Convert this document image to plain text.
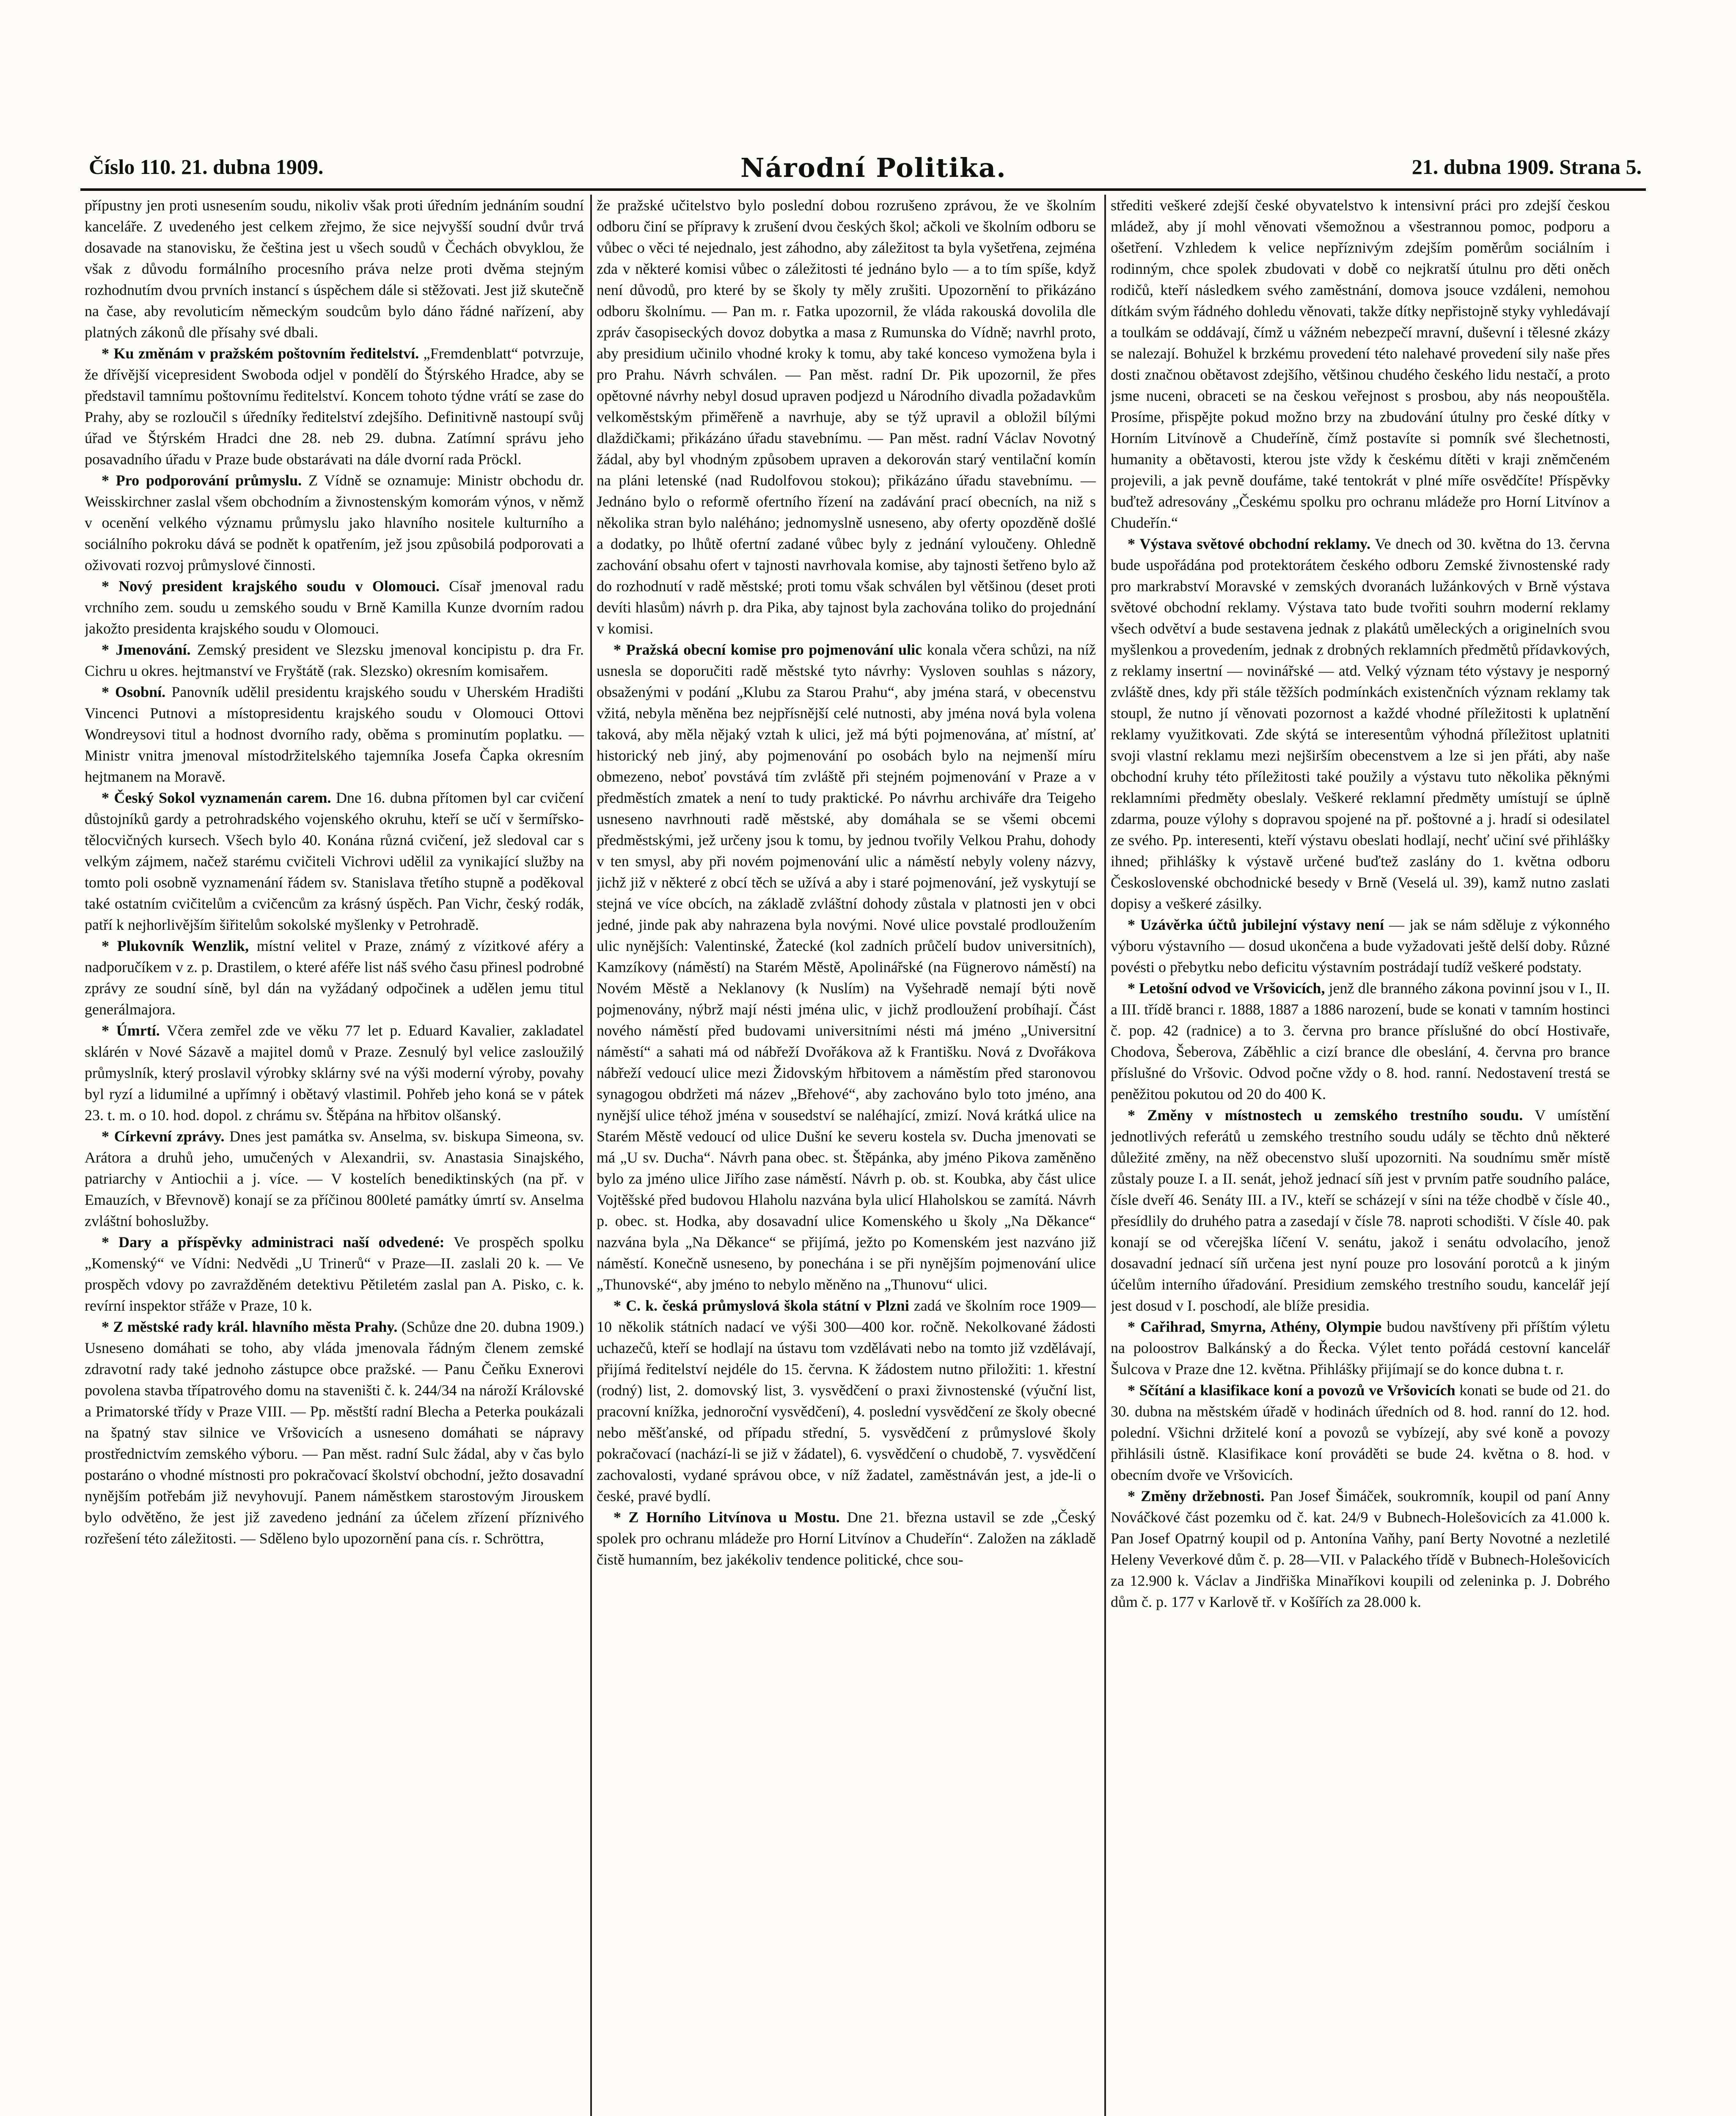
Číslo 110. 21. dubna 1909.	Národní Politika.	21. dubna 1909. Strana 5.

přípustny jen proti usnesením soudu, nikoliv však proti úředním jednáním soudní kanceláře. Z uvedeného jest celkem zřejmo, že sice nejvyšší soudní dvůr trvá dosavade na stanovisku, že čeština jest u všech soudů v Čechách obvyklou, že však z důvodu formálního procesního práva nelze proti dvěma stejným rozhodnutím dvou prvních instancí s úspěchem dále si stěžovati. Jest již skutečně na čase, aby revoluticím německým soudcům bylo dáno řádné nařízení, aby platných zákonů dle přísahy své dbali.

* Ku změnám v pražském poštovním ředitelství. „Fremdenblatt“ potvrzuje, že dřívější vicepresident Swoboda odjel v pondělí do Štýrského Hradce, aby se představil tamnímu poštovnímu ředitelství. Koncem tohoto týdne vrátí se zase do Prahy, aby se rozloučil s úředníky ředitelství zdejšího. Definitivně nastoupí svůj úřad ve Štýrském Hradci dne 28. neb 29. dubna. Zatímní správu jeho posavadního úřadu v Praze bude obstarávati na dále dvorní rada Pröckl.

* Pro podporování průmyslu. Z Vídně se oznamuje: Ministr obchodu dr. Weisskirchner zaslal všem obchodním a živnostenským komorám výnos, v němž v ocenění velkého významu průmyslu jako hlavního nositele kulturního a sociálního pokroku dává se podnět k opatřením, jež jsou způsobilá podporovati a oživovati rozvoj průmyslové činnosti.

* Nový president krajského soudu v Olomouci. Císař jmenoval radu vrchního zem. soudu u zemského soudu v Brně Kamilla Kunze dvorním radou jakožto presidenta krajského soudu v Olomouci.

* Jmenování. Zemský president ve Slezsku jmenoval koncipistu p. dra Fr. Cichru u okres. hejtmanství ve Fryštátě (rak. Slezsko) okresním komisařem.

* Osobní. Panovník udělil presidentu krajského soudu v Uherském Hradišti Vincenci Putnovi a místopresidentu krajského soudu v Olomouci Ottovi Wondreysovi titul a hodnost dvorního rady, oběma s prominutím poplatku. — Ministr vnitra jmenoval místodržitelského tajemníka Josefa Čapka okresním hejtmanem na Moravě.

* Český Sokol vyznamenán carem. Dne 16. dubna přítomen byl car cvičení důstojníků gardy a petrohradského vojenského okruhu, kteří se učí v šermířsko-tělocvičných kursech. Všech bylo 40. Konána různá cvičení, jež sledoval car s velkým zájmem, načež starému cvičiteli Vichrovi udělil za vynikající služby na tomto poli osobně vyznamenání řádem sv. Stanislava třetího stupně a poděkoval také ostatním cvičitelům a cvičencům za krásný úspěch. Pan Vichr, český rodák, patří k nejhorlivějším šiřitelům sokolské myšlenky v Petrohradě.

* Plukovník Wenzlik, místní velitel v Praze, známý z vízitkové aféry a nadporučíkem v z. p. Drastilem, o které aféře list náš svého času přinesl podrobné zprávy ze soudní síně, byl dán na vyžádaný odpočinek a udělen jemu titul generálmajora.

* Úmrtí. Včera zemřel zde ve věku 77 let p. Eduard Kavalier, zakladatel sklárén v Nové Sázavě a majitel domů v Praze. Zesnulý byl velice zasloužilý průmyslník, který proslavil výrobky sklárny své na výši moderní výroby, povahy byl ryzí a lidumilné a upřímný i obětavý vlastimil. Pohřeb jeho koná se v pátek 23. t. m. o 10. hod. dopol. z chrámu sv. Štěpána na hřbitov olšanský.

* Církevní zprávy. Dnes jest památka sv. Anselma, sv. biskupa Simeona, sv. Arátora a druhů jeho, umučených v Alexandrii, sv. Anastasia Sinajského, patriarchy v Antiochii a j. více. — V kostelích benediktinských (na př. v Emauzích, v Břevnově) konají se za příčinou 800leté památky úmrtí sv. Anselma zvláštní bohoslužby.

* Dary a příspěvky administraci naší odvedené: Ve prospěch spolku „Komenský“ ve Vídni: Nedvědi „U Trinerů“ v Praze—II. zaslali 20 k. — Ve prospěch vdovy po zavražděném detektivu Pětiletém zaslal pan A. Pisko, c. k. revírní inspektor střáže v Praze, 10 k.

* Z městské rady král. hlavního města Prahy. (Schůze dne 20. dubna 1909.) Usneseno domáhati se toho, aby vláda jmenovala řádným členem zemské zdravotní rady také jednoho zástupce obce pražské. — Panu Čeňku Exnerovi povolena stavba třípatrového domu na staveništi č. k. 244/34 na nároží Královské a Primatorské třídy v Praze VIII. — Pp. městští radní Blecha a Peterka poukázali na špatný stav silnice ve Vršovicích a usneseno domáhati se nápravy prostřednictvím zemského výboru. — Pan měst. radní Sulc žádal, aby v čas bylo postaráno o vhodné místnosti pro pokračovací školství obchodní, ježto dosavadní nynějším potřebám již nevyhovují. Panem náměstkem starostovým Jirouskem bylo odvětěno, že jest již zavedeno jednání za účelem zřízení příznivého rozřešení této záležitosti. — Sděleno bylo upozornění pana cís. r. Schröttra,

že pražské učitelstvo bylo poslední dobou rozrušeno zprávou, že ve školním odboru činí se přípravy k zrušení dvou českých škol; ačkoli ve školním odboru se vůbec o věci té nejednalo, jest záhodno, aby záležitost ta byla vyšetřena, zejména zda v některé komisi vůbec o záležitosti té jednáno bylo — a to tím spíše, když není důvodů, pro které by se školy ty měly zrušiti. Upozornění to přikázáno odboru školnímu. — Pan m. r. Fatka upozornil, že vláda rakouská dovolila dle zpráv časopiseckých dovoz dobytka a masa z Rumunska do Vídně; navrhl proto, aby presidium učinilo vhodné kroky k tomu, aby také konceso vymožena byla i pro Prahu. Návrh schválen. — Pan měst. radní Dr. Pik upozornil, že přes opětovné návrhy nebyl dosud upraven podjezd u Národního divadla požadavkům velkoměstským přiměřeně a navrhuje, aby se týž upravil a obložil bílými dlaždičkami; přikázáno úřadu stavebnímu. — Pan měst. radní Václav Novotný žádal, aby byl vhodným způsobem upraven a dekorován starý ventilační komín na pláni letenské (nad Rudolfovou stokou); přikázáno úřadu stavebnímu. — Jednáno bylo o reformě ofertního řízení na zadávání prací obecních, na niž s několika stran bylo naléháno; jednomyslně usneseno, aby oferty opozděně došlé a dodatky, po lhůtě ofertní zadané vůbec byly z jednání vyloučeny. Ohledně zachování obsahu ofert v tajnosti navrhovala komise, aby tajnosti šetřeno bylo až do rozhodnutí v radě městské; proti tomu však schválen byl většinou (deset proti devíti hlasům) návrh p. dra Pika, aby tajnost byla zachována toliko do projednání v komisi.

* Pražská obecní komise pro pojmenování ulic konala včera schůzi, na níž usnesla se doporučiti radě městské tyto návrhy: Vysloven souhlas s názory, obsaženými v podání „Klubu za Starou Prahu“, aby jména stará, v obecenstvu vžitá, nebyla měněna bez nejpřísnější celé nutnosti, aby jména nová byla volena taková, aby měla nějaký vztah k ulici, jež má býti pojmenována, ať místní, ať historický neb jiný, aby pojmenování po osobách bylo na nejmenší míru obmezeno, neboť povstává tím zvláště při stejném pojmenování v Praze a v předměstích zmatek a není to tudy praktické. Po návrhu archiváře dra Teigeho usneseno navrhnouti radě městské, aby domáhala se se všemi obcemi předměstskými, jež určeny jsou k tomu, by jednou tvořily Velkou Prahu, dohody v ten smysl, aby při novém pojmenování ulic a náměstí nebyly voleny názvy, jichž již v některé z obcí těch se užívá a aby i staré pojmenování, jež vyskytují se stejná ve více obcích, na základě zvláštní dohody zůstala v platnosti jen v obci jedné, jinde pak aby nahrazena byla novými. Nové ulice povstalé prodloužením ulic nynějších: Valentinské, Žatecké (kol zadních průčelí budov universitních), Kamzíkovy (náměstí) na Starém Městě, Apolinářské (na Fügnerovo náměstí) na Novém Městě a Neklanovy (k Nuslím) na Vyšehradě nemají býti nově pojmenovány, nýbrž mají nésti jména ulic, v jichž prodloužení probíhají. Část nového náměstí před budovami universitními nésti má jméno „Universitní náměstí“ a sahati má od nábřeží Dvořákova až k Františku. Nová z Dvořákova nábřeží vedoucí ulice mezi Židovským hřbitovem a náměstím před staronovou synagogou obdržeti má název „Břehové“, aby zachováno bylo toto jméno, ana nynější ulice téhož jména v sousedství se naléhající, zmizí. Nová krátká ulice na Starém Městě vedoucí od ulice Dušní ke severu kostela sv. Ducha jmenovati se má „U sv. Ducha“. Návrh pana obec. st. Štěpánka, aby jméno Pikova zaměněno bylo za jméno ulice Jiřího zase náměstí. Návrh p. ob. st. Koubka, aby část ulice Vojtěšské před budovou Hlaholu nazvána byla ulicí Hlaholskou se zamítá. Návrh p. obec. st. Hodka, aby dosavadní ulice Komenského u školy „Na Děkance“ nazvána byla „Na Děkance“ se přijímá, ježto po Komenském jest nazváno již náměstí. Konečně usneseno, by ponechána i se při nynějším pojmenování ulice „Thunovské“, aby jméno to nebylo měněno na „Thunovu“ ulici.

* C. k. česká průmyslová škola státní v Plzni zadá ve školním roce 1909—10 několik státních nadací ve výši 300—400 kor. ročně. Nekolkované žádosti uchazečů, kteří se hodlají na ústavu tom vzdělávati nebo na tomto již vzdělávají, přijímá ředitelství nejdéle do 15. června. K žádostem nutno přiložiti: 1. křestní (rodný) list, 2. domovský list, 3. vysvědčení o praxi živnostenské (výuční list, pracovní knížka, jednoroční vysvědčení), 4. poslední vysvědčení ze školy obecné nebo měšťanské, od případu střední, 5. vysvědčení z průmyslové školy pokračovací (nachází-li se již v žádatel), 6. vysvědčení o chudobě, 7. vysvědčení zachovalosti, vydané správou obce, v níž žadatel, zaměstnáván jest, a jde-li o české, pravé bydlí.

* Z Horního Litvínova u Mostu. Dne 21. března ustavil se zde „Český spolek pro ochranu mládeže pro Horní Litvínov a Chudeřín“. Založen na základě čistě humanním, bez jakékoliv tendence politické, chce sou-

střediti veškeré zdejší české obyvatelstvo k intensivní práci pro zdejší českou mládež, aby jí mohl věnovati všemožnou a všestrannou pomoc, podporu a ošetření. Vzhledem k velice nepříznivým zdejším poměrům sociálním i rodinným, chce spolek zbudovati v době co nejkratší útulnu pro děti oněch rodičů, kteří následkem svého zaměstnání, domova jsouce vzdáleni, nemohou dítkám svým řádného dohledu věnovati, takže dítky nepřistojně styky vyhledávají a toulkám se oddávají, čímž u vážném nebezpečí mravní, duševní i tělesné zkázy se nalezají. Bohužel k brzkému provedení této nalehavé provedení sily naše přes dosti značnou obětavost zdejšího, většinou chudého českého lidu nestačí, a proto jsme nuceni, obraceti se na českou veřejnost s prosbou, aby nás neopouštěla. Prosíme, přispějte pokud možno brzy na zbudování útulny pro české dítky v Horním Litvínově a Chudeříně, čímž postavíte si pomník své šlechetnosti, humanity a obětavosti, kterou jste vždy k českému dítěti v kraji zněmčeném projevili, a jak pevně doufáme, také tentokrát v plné míře osvědčíte! Příspěvky buďtež adresovány „Českému spolku pro ochranu mládeže pro Horní Litvínov a Chudeřín.“

* Výstava světové obchodní reklamy. Ve dnech od 30. května do 13. června bude uspořádána pod protektorátem českého odboru Zemské živnostenské rady pro markrabství Moravské v zemských dvoranách lužánkových v Brně výstava světové obchodní reklamy. Výstava tato bude tvořiti souhrn moderní reklamy všech odvětví a bude sestavena jednak z plakátů uměleckých a originelních svou myšlenkou a provedením, jednak z drobných reklamních předmětů přídavkových, z reklamy insertní — novinářské — atd. Velký význam této výstavy je nesporný zvláště dnes, kdy při stále těžších podmínkách existenčních význam reklamy tak stoupl, že nutno jí věnovati pozornost a každé vhodné příležitosti k uplatnění reklamy využitkovati. Zde skýtá se interesentům výhodná příležitost uplatniti svoji vlastní reklamu mezi nejširším obecenstvem a lze si jen přáti, aby naše obchodní kruhy této příležitosti také použily a výstavu tuto několika pěknými reklamními předměty obeslaly. Veškeré reklamní předměty umístují se úplně zdarma, pouze výlohy s dopravou spojené na př. poštovné a j. hradí si odesilatel ze svého. Pp. interesenti, kteří výstavu obeslati hodlají, nechť učiní své přihlášky ihned; přihlášky k výstavě určené buďtež zaslány do 1. května odboru Československé obchodnické besedy v Brně (Veselá ul. 39), kamž nutno zaslati dopisy a veškeré zásilky.

* Uzávěrka účtů jubilejní výstavy není — jak se nám sděluje z výkonného výboru výstavního — dosud ukončena a bude vyžadovati ještě delší doby. Různé povésti o přebytku nebo deficitu výstavním postrádají tudíž veškeré podstaty.

* Letošní odvod ve Vršovicích, jenž dle branného zákona povinní jsou v I., II. a III. třídě branci r. 1888, 1887 a 1886 narození, bude se konati v tamním hostinci č. pop. 42 (radnice) a to 3. června pro brance příslušné do obcí Hostivaře, Chodova, Šeberova, Záběhlic a cizí brance dle obeslání, 4. června pro brance příslušné do Vršovic. Odvod počne vždy o 8. hod. ranní. Nedostavení trestá se peněžitou pokutou od 20 do 400 K.

* Změny v místnostech u zemského trestního soudu. V umístění jednotlivých referátů u zemského trestního soudu udály se těchto dnů některé důležité změny, na něž obecenstvo sluší upozorniti. Na soudnímu směr místě zůstaly pouze I. a II. senát, jehož jednací síň jest v prvním patře soudního paláce, čísle dveří 46. Senáty III. a IV., kteří se scházejí v síni na téže chodbě v čísle 40., přesídlily do druhého patra a zasedají v čísle 78. naproti schodišti. V čísle 40. pak konají se od včerejška líčení V. senátu, jakož i senátu odvolacího, jenož dosavadní jednací síň určena jest nyní pouze pro losování porotců a k jiným účelům interního úřadování. Presidium zemského trestního soudu, kancelář její jest dosud v I. poschodí, ale blíže presidia.

* Cařihrad, Smyrna, Athény, Olympie budou navštíveny při příštím výletu na poloostrov Balkánský a do Řecka. Výlet tento pořádá cestovní kancelář Šulcova v Praze dne 12. května. Přihlášky přijímají se do konce dubna t. r.

* Sčítání a klasifikace koní a povozů ve Vršovicích konati se bude od 21. do 30. dubna na městském úřadě v hodinách úředních od 8. hod. ranní do 12. hod. polední. Všichni držitelé koní a povozů se vybízejí, aby své koně a povozy přihlásili ústně. Klasifikace koní prováděti se bude 24. května o 8. hod. v obecním dvoře ve Vršovicích.

* Změny držebnosti. Pan Josef Šimáček, soukromník, koupil od paní Anny Nováčkové část pozemku od č. kat. 24/9 v Bubnech-Holešovicích za 41.000 k. Pan Josef Opatrný koupil od p. Antonína Vaňhy, paní Berty Novotné a nezletilé Heleny Veverkové dům č. p. 28—VII. v Palackého třídě v Bubnech-Holešovicích za 12.900 k. Václav a Jindřiška Minaříkovi koupili od zeleninka p. J. Dobrého dům č. p. 177 v Karlově tř. v Košířích za 28.000 k.
